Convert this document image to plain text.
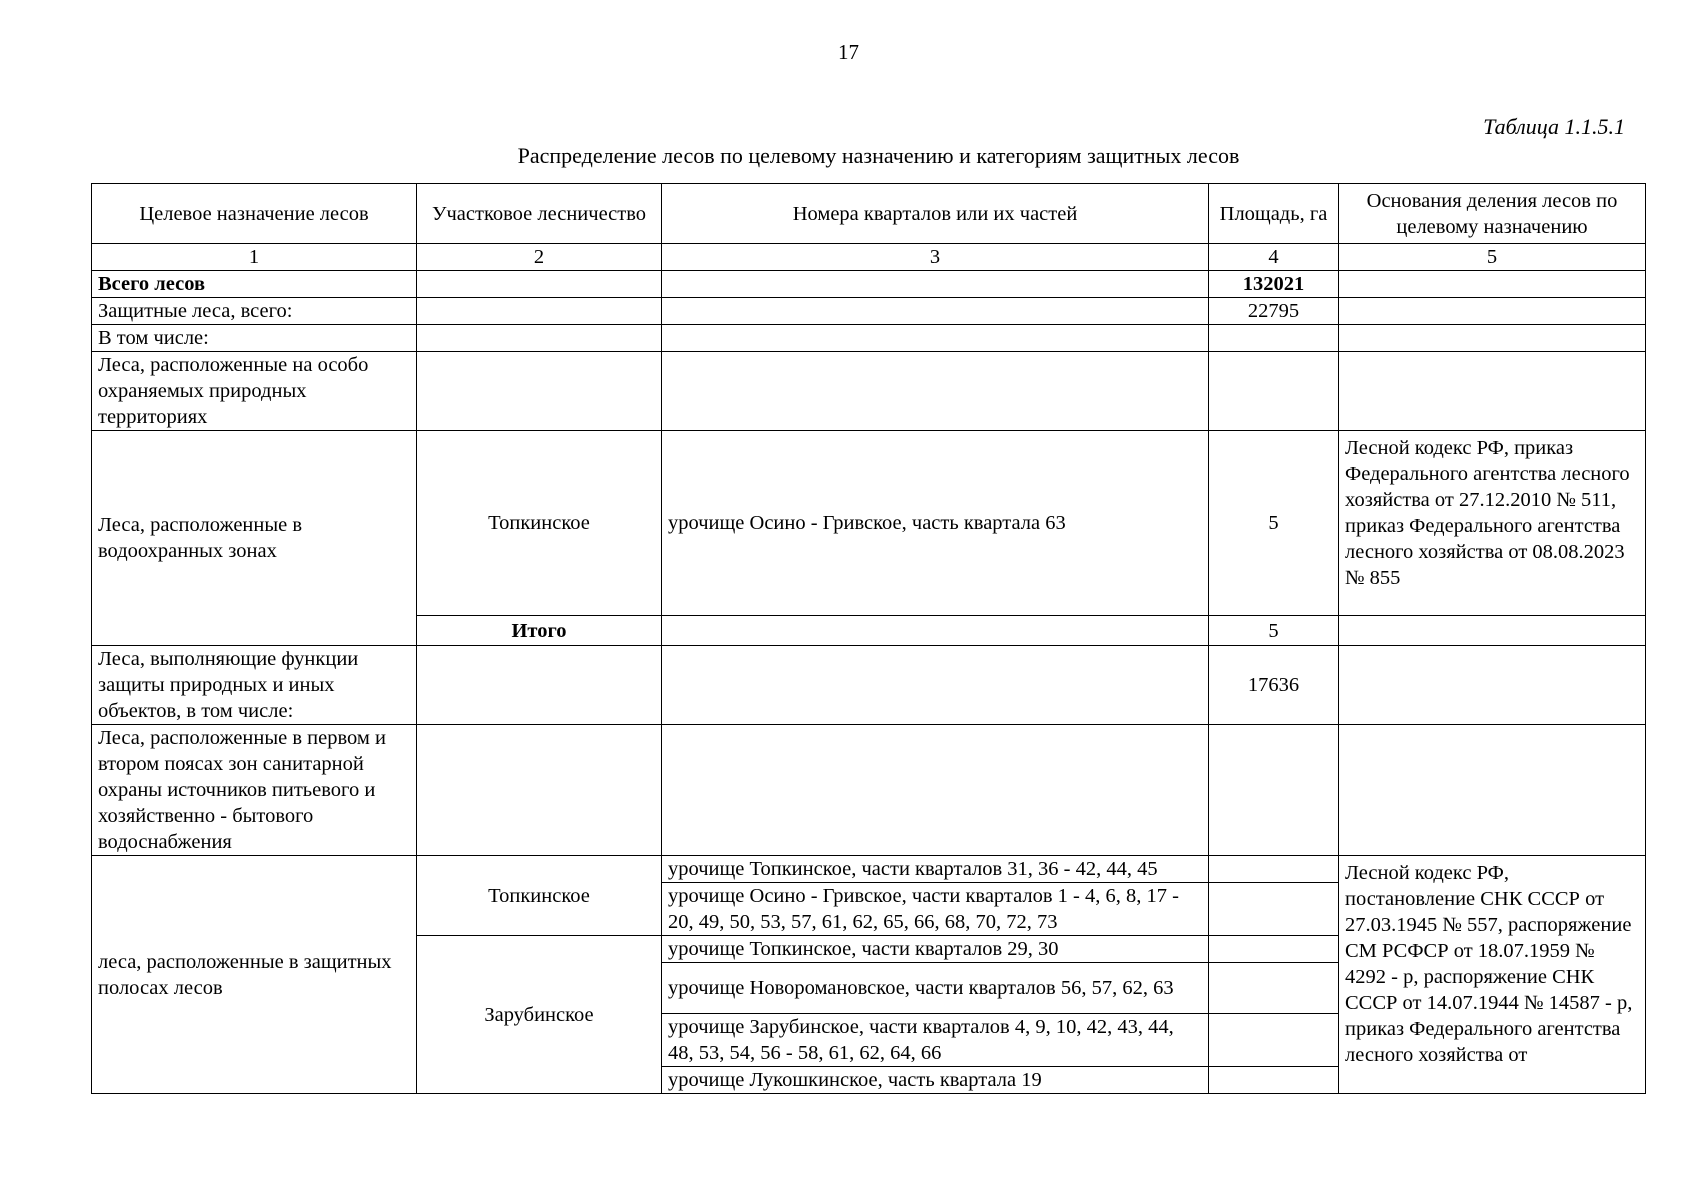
17
Таблица 1.1.5.1
Распределение лесов по целевому назначению и категориям защитных лесов
Целевое назначение лесов	Участковое лесничество	Номера кварталов или их частей	Площадь, га	Основания деления лесов по целевому назначению
1	2	3	4	5
Всего лесов			132021	
Защитные леса, всего:			22795	
В том числе:				
Леса, расположенные на особо охраняемых природных территориях				
Леса, расположенные в водоохранных зонах	Топкинское	урочище Осино - Гривское, часть квартала 63	5	Лесной кодекс РФ, приказ Федерального агентства лесного хозяйства от 27.12.2010 № 511, приказ Федерального агентства лесного хозяйства от 08.08.2023 № 855
	Итого		5	
Леса, выполняющие функции защиты природных и иных объектов, в том числе:			17636	
Леса, расположенные в первом и втором поясах зон санитарной охраны источников питьевого и хозяйственно - бытового водоснабжения				
леса, расположенные в защитных полосах лесов	Топкинское	урочище Топкинское, части кварталов 31, 36 - 42, 44, 45		Лесной кодекс РФ, постановление СНК СССР от 27.03.1945 № 557, распоряжение СМ РСФСР от 18.07.1959 № 4292 - р, распоряжение СНК СССР от 14.07.1944 № 14587 - р, приказ Федерального агентства лесного хозяйства от
		урочище Осино - Гривское, части кварталов 1 - 4, 6, 8, 17 - 20, 49, 50, 53, 57, 61, 62, 65, 66, 68, 70, 72, 73		
	Зарубинское	урочище Топкинское, части кварталов 29, 30		
		урочище Новоромановское, части кварталов 56, 57, 62, 63		
		урочище Зарубинское, части кварталов 4, 9, 10, 42, 43, 44, 48, 53, 54, 56 - 58, 61, 62, 64, 66		
		урочище Лукошкинское, часть квартала 19		
